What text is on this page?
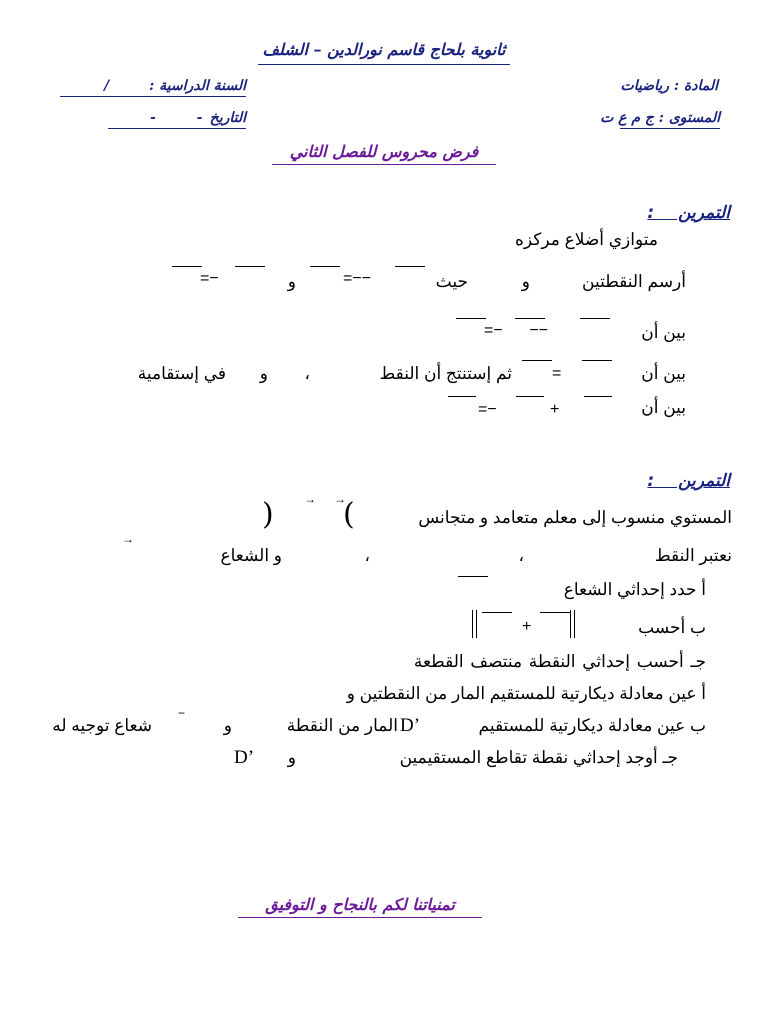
ثانوية بلحاج قاسم نورالدين – الشلف
المادة : رياضيات
السنة الدراسية :
/
المستوى : ج م ع ت
التاريخ
- -
فرض محروس للفصل الثاني
التمرين :
متوازي أضلاع مركزه
أرسم النقطتين
و
حيث
و	=−−
=−
بين أن
=−      −−
بين أن
=
ثم إستنتج أن النقط
،
و
في إستقامية
بين أن
+
=−
التمرين :
المستوي منسوب إلى معلم متعامد و متجانس
(
→
→
)
نعتبر النقط
،
،
و الشعاع
→
أ حدد إحداثي الشعاع
ب أحسب
+
جـ أحسب إحداثي النقطة منتصف القطعة
أ عين معادلة ديكارتية للمستقيم المار من النقطتين و
ب عين معادلة ديكارتية للمستقيم
D’
المار من النقطة
و
−
شعاع توجيه له
جـ أوجد إحداثي نقطة تقاطع المستقيمين
و
D’
تمنياتنا لكم بالنجاح و التوفيق
